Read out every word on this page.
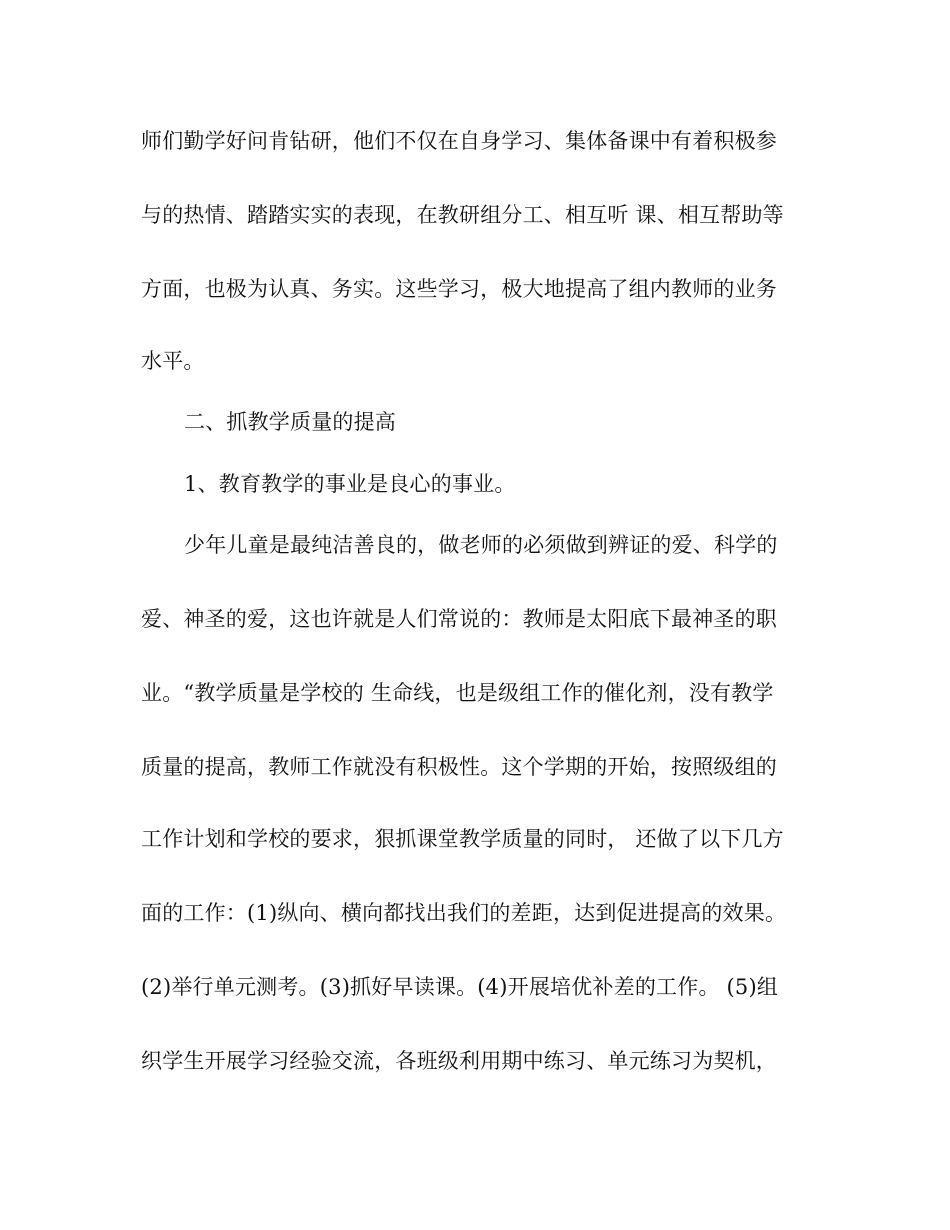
师们勤学好问肯钻研，他们不仅在自身学习、集体备课中有着积极参
与的热情、踏踏实实的表现，在教研组分工、相互听 课、相互帮助等
方面，也极为认真、务实。这些学习，极大地提高了组内教师的业务
水平。
二、抓教学质量的提高
1、教育教学的事业是良心的事业。
少年儿童是最纯洁善良的，做老师的必须做到辨证的爱、科学的
爱、神圣的爱，这也许就是人们常说的：教师是太阳底下最神圣的职
业。“教学质量是学校的 生命线，也是级组工作的催化剂，没有教学
质量的提高，教师工作就没有积极性。这个学期的开始，按照级组的
工作计划和学校的要求，狠抓课堂教学质量的同时， 还做了以下几方
面的工作：(1)纵向、横向都找出我们的差距，达到促进提高的效果。
(2)举行单元测考。(3)抓好早读课。(4)开展培优补差的工作。 (5)组
织学生开展学习经验交流，各班级利用期中练习、单元练习为契机，
